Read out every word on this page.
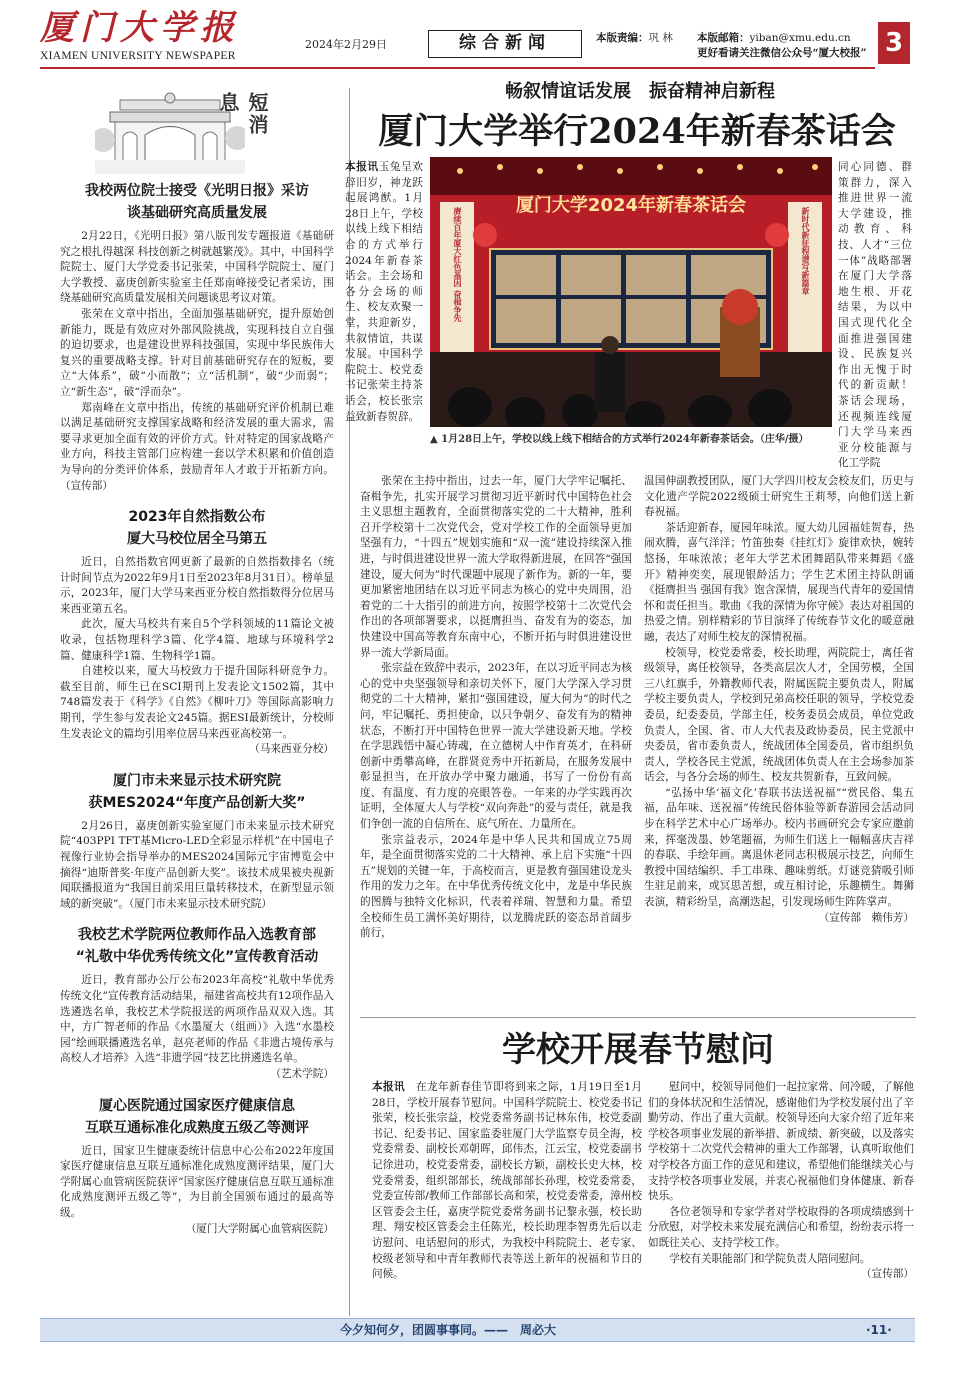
厦门大学报
XIAMEN UNIVERSITY NEWSPAPER
2024年2月29日	综合新闻	本版责编：巩 林 本版邮箱：yiban@xmu.edu.cn
更好看请关注微信公众号“厦大校报” 3
短消息

我校两位院士接受《光明日报》采访

谈基础研究高质量发展

2月22日，《光明日报》第八版刊发专题报道《基础研究之根扎得越深 科技创新之树就越繁茂》。其中，中国科学院院士、厦门大学党委书记张荣，中国科学院院士、厦门大学教授、嘉庚创新实验室主任郑南峰接受记者采访，围绕基础研究高质量发展相关问题谈思考议对策。

张荣在文章中指出，全面加强基础研究，提升原始创新能力，既是有效应对外部风险挑战，实现科技自立自强的迫切要求，也是建设世界科技强国，实现中华民族伟大复兴的重要战略支撑。针对目前基础研究存在的短板，要立“大体系”，破“小而散”；立“活机制”，破“少而弱”；立“新生态”，破“浮而杂”。

郑南峰在文章中指出，传统的基础研究评价机制已难以满足基础研究支撑国家战略和经济发展的重大需求，需要寻求更加全面有效的评价方式。针对特定的国家战略产业方向，科技主管部门应构建一套以学术积累和价值创造为导向的分类评价体系，鼓励青年人才敢于开拓新方向。（宣传部）

2023年自然指数公布

厦大马校位居全马第五

近日，自然指数官网更新了最新的自然指数排名（统计时间节点为2022年9月1日至2023年8月31日）。榜单显示，2023年，厦门大学马来西亚分校自然指数得分位居马来西亚第五名。

此次，厦大马校共有来自5个学科领域的11篇论文被收录，包括物理科学3篇、化学4篇、地球与环境科学2篇、健康科学1篇、生物科学1篇。

自建校以来，厦大马校致力于提升国际科研竞争力。截至目前，师生已在SCI期刊上发表论文1502篇，其中748篇发表于《科学》《自然》《柳叶刀》等国际高影响力期刊，学生参与发表论文245篇。据ESI最新统计，分校师生发表论文的篇均引用率位居马来西亚高校第一。

（马来西亚分校）

厦门市未来显示技术研究院

获MES2024“年度产品创新大奖”

2月26日，嘉庚创新实验室厦门市未来显示技术研究院“403PPI TFT基Micro-LED全彩显示样机”在中国电子视像行业协会指导举办的MES2024国际元宇宙博览会中摘得“迪斯普奖·年度产品创新大奖”。该技术成果被央视新闻联播报道为“我国目前采用巨量转移技术，在新型显示领域的新突破”。（厦门市未来显示技术研究院）

我校艺术学院两位教师作品入选教育部

“礼敬中华优秀传统文化”宣传教育活动

近日，教育部办公厅公布2023年高校“礼敬中华优秀传统文化”宣传教育活动结果，福建省高校共有12项作品入选遴选名单，我校艺术学院报送的两项作品双双入选。其中，方广智老师的作品《水墨厦大（组画）》入选“水墨校园”绘画联播遴选名单，赵亮老师的作品《非遗古境传承与高校人才培养》入选“非遗学园”技艺比拼遴选名单。

（艺术学院）

厦心医院通过国家医疗健康信息

互联互通标准化成熟度五级乙等测评

近日，国家卫生健康委统计信息中心公布2022年度国家医疗健康信息互联互通标准化成熟度测评结果，厦门大学附属心血管病医院获评“国家医疗健康信息互联互通标准化成熟度测评五级乙等”，为目前全国颁布通过的最高等级。

（厦门大学附属心血管病医院）

畅叙情谊话发展　振奋精神启新程
厦门大学举行2024年新春茶话会

本报讯玉兔呈欢辞旧岁，神龙跃起展鸿猷。1月28日上午，学校以线上线下相结合的方式举行2024年新春茶话会。主会场和各分会场的师生、校友欢聚一堂，共迎新岁，共叙情谊，共谋发展。中国科学院院士、校党委书记张荣主持茶话会，校长张宗益致新春贺辞。

厦门大学2024年新春茶话会
赓续百年厦大红色基因 奋楫争先	新时代新征程谱写新篇章
▲ 1月28日上午，学校以线上线下相结合的方式举行2024年新春茶话会。（庄华/摄）

同心同德、群策群力，深入推进世界一流大学建设，推动教育、科技、人才“三位一体”战略部署在厦门大学落地生根、开花结果，为以中国式现代化全面推进强国建设、民族复兴作出无愧于时代的新贡献！茶话会现场，还视频连线厦门大学马来西亚分校能源与化工学院

张荣在主持中指出，过去一年，厦门大学牢记嘱托、奋楫争先，扎实开展学习贯彻习近平新时代中国特色社会主义思想主题教育，全面贯彻落实党的二十大精神，胜利召开学校第十二次党代会，党对学校工作的全面领导更加坚强有力，“十四五”规划实施和“双一流”建设持续深入推进，与时俱进建设世界一流大学取得新进展，在回答“强国建设，厦大何为”时代课题中展现了新作为。新的一年，要更加紧密地团结在以习近平同志为核心的党中央周围，沿着党的二十大指引的前进方向，按照学校第十二次党代会作出的各项部署要求，以挺膺担当、奋发有为的姿态，加快建设中国高等教育东南中心，不断开拓与时俱进建设世界一流大学新局面。

张宗益在致辞中表示，2023年，在以习近平同志为核心的党中央坚强领导和亲切关怀下，厦门大学深入学习贯彻党的二十大精神，紧扣“强国建设，厦大何为”的时代之问，牢记嘱托、勇担使命，以只争朝夕、奋发有为的精神状态，不断打开中国特色世界一流大学建设新天地。学校在学思践悟中凝心铸魂，在立德树人中作育英才，在科研创新中勇攀高峰，在群贤竞秀中开拓新局，在服务发展中彰显担当，在开放办学中聚力融通，书写了一份份有高度、有温度、有力度的亮眼答卷。一年来的办学实践再次证明，全体厦大人与学校“双向奔赴”的爱与责任，就是我们争创一流的自信所在、底气所在、力量所在。

张宗益表示，2024年是中华人民共和国成立75周年，是全面贯彻落实党的二十大精神、承上启下实施“十四五”规划的关键一年，于高校而言，更是教育强国建设龙头作用的发力之年。在中华优秀传统文化中，龙是中华民族的图腾与独特文化标识，代表着祥瑞、智慧和力量。希望全校师生员工满怀美好期待，以龙腾虎跃的姿态昂首阔步前行，

温国伸副教授团队，厦门大学四川校友会校友们，历史与文化遗产学院2022级硕士研究生王莉琴，向他们送上新春祝福。

茶话迎新春，厦园年味浓。厦大幼儿园福娃贺春，热闹欢腾，喜气洋洋；竹笛独奏《挂红灯》旋律欢快，婉转悠扬，年味浓浓；老年大学艺术团舞蹈队带来舞蹈《盛开》精神奕奕，展现银龄活力；学生艺术团主持队朗诵《挺膺担当 强国有我》饱含深情，展现当代青年的爱国情怀和责任担当。歌曲《我的深情为你守候》表达对祖国的热爱之情。别样精彩的节目演绎了传统春节文化的暖意融融，表达了对师生校友的深情祝福。

校领导，校党委常委，校长助理，两院院士，离任省级领导，离任校领导，各类高层次人才，全国劳模，全国三八红旗手，外籍教师代表，附属医院主要负责人，附属学校主要负责人，学校到兄弟高校任职的领导，学校党委委员，纪委委员，学部主任，校务委员会成员，单位党政负责人，全国、省、市人大代表及政协委员，民主党派中央委员，省市委负责人，统战团体全国委员，省市组织负责人，学校各民主党派，统战团体负责人在主会场参加茶话会，与各分会场的师生、校友共贺新春，互致问候。

“弘扬中华‘福文化’春联书法送祝福”“赏民俗、集五福，品年味、送祝福”传统民俗体验等新春游园会活动同步在科学艺术中心广场举办。校内书画研究会专家应邀前来，挥毫泼墨、妙笔题福，为师生们送上一幅幅喜庆吉祥的春联、手绘年画。离退休老同志积极展示技艺，向师生教授中国结编织、手工串珠、趣味剪纸。灯谜竞猜吸引师生驻足前来，或冥思苦想，或互相讨论，乐趣横生。舞狮表演，精彩纷呈，高潮迭起，引发现场师生阵阵掌声。

（宣传部　赖伟芳）

学校开展春节慰问

本报讯　 在龙年新春佳节即将到来之际，1月19日至1月28日，学校开展春节慰问。中国科学院院士、校党委书记张荣，校长张宗益，校党委常务副书记林东伟，校党委副书记、纪委书记、国家监委驻厦门大学监察专员全海，校党委常委、副校长邓朝晖，邱伟杰，江云宝，校党委副书记徐进功，校党委常委，副校长方颖，副校长史大林，校党委常委，组织部部长，统战部部长孙理，校党委常委，党委宣传部/教师工作部部长高和荣，校党委常委，漳州校区管委会主任，嘉庚学院党委常务副书记黎永强，校长助理、翔安校区管委会主任陈光，校长助理李智勇先后以走访慰问、电话慰问的形式，为我校中科院院士、老专家、校级老领导和中青年教师代表等送上新年的祝福和节日的问候。

慰问中，校领导同他们一起拉家常、问冷暖，了解他们的身体状况和生活情况，感谢他们为学校发展付出了辛勤劳动、作出了重大贡献。校领导还向大家介绍了近年来学校各项事业发展的新举措、新成绩、新突破，以及落实学校第十二次党代会精神的重大工作部署，认真听取他们对学校各方面工作的意见和建议，希望他们能继续关心与支持学校各项事业发展，并衷心祝福他们身体健康、新春快乐。

各位老领导和专家学者对学校取得的各项成绩感到十分欣慰，对学校未来发展充满信心和希望，纷纷表示将一如既往关心、支持学校工作。

学校有关职能部门和学院负责人陪同慰问。

（宣传部）

今夕知何夕，团圆事事同。——　周必大	·11·
